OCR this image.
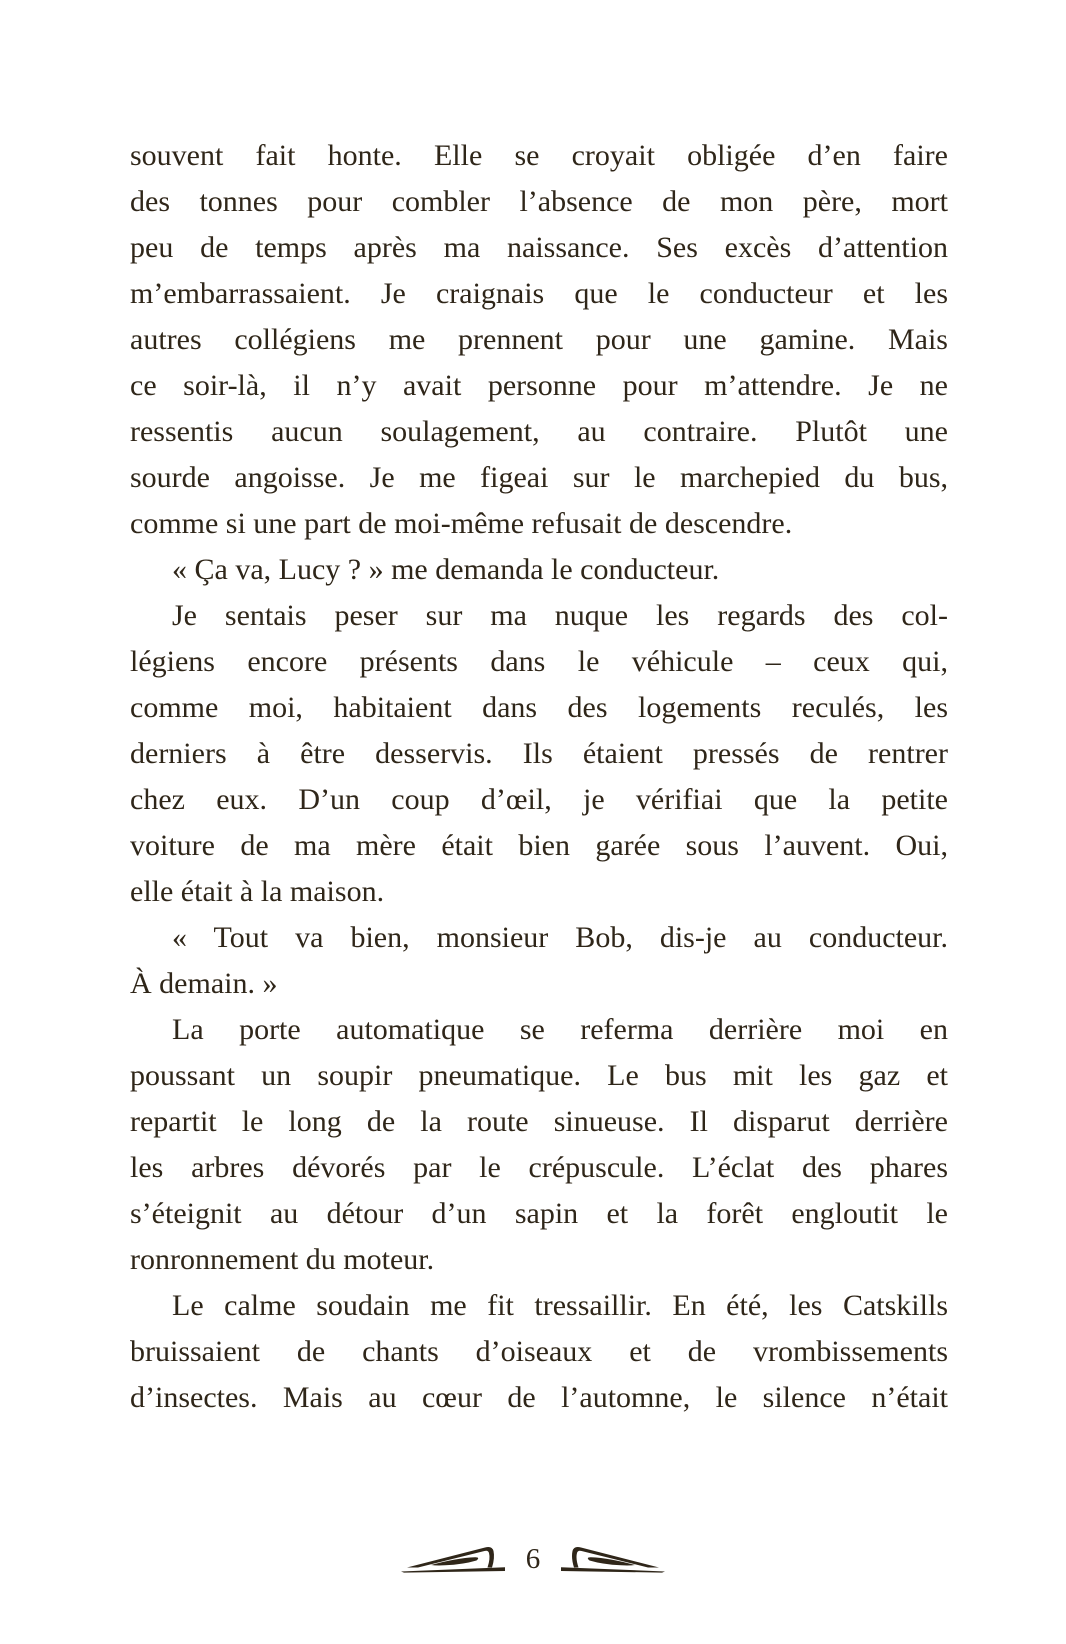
souvent fait honte. Elle se croyait obligée d’en faire
des tonnes pour combler l’absence de mon père, mort
peu de temps après ma naissance. Ses excès d’attention
m’embarrassaient. Je craignais que le conducteur et les
autres collégiens me prennent pour une gamine. Mais
ce soir-là, il n’y avait personne pour m’attendre. Je ne
ressentis aucun soulagement, au contraire. Plutôt une
sourde angoisse. Je me figeai sur le marchepied du bus,
comme si une part de moi-même refusait de descendre.
« Ça va, Lucy ? » me demanda le conducteur.
Je sentais peser sur ma nuque les regards des col-
légiens encore présents dans le véhicule – ceux qui,
comme moi, habitaient dans des logements reculés, les
derniers à être desservis. Ils étaient pressés de rentrer
chez eux. D’un coup d’œil, je vérifiai que la petite
voiture de ma mère était bien garée sous l’auvent. Oui,
elle était à la maison.
« Tout va bien, monsieur Bob, dis-je au conducteur.
À demain. »
La porte automatique se referma derrière moi en
poussant un soupir pneumatique. Le bus mit les gaz et
repartit le long de la route sinueuse. Il disparut derrière
les arbres dévorés par le crépuscule. L’éclat des phares
s’éteignit au détour d’un sapin et la forêt engloutit le
ronronnement du moteur.
Le calme soudain me fit tressaillir. En été, les Catskills
bruissaient de chants d’oiseaux et de vrombissements
d’insectes. Mais au cœur de l’automne, le silence n’était
6
